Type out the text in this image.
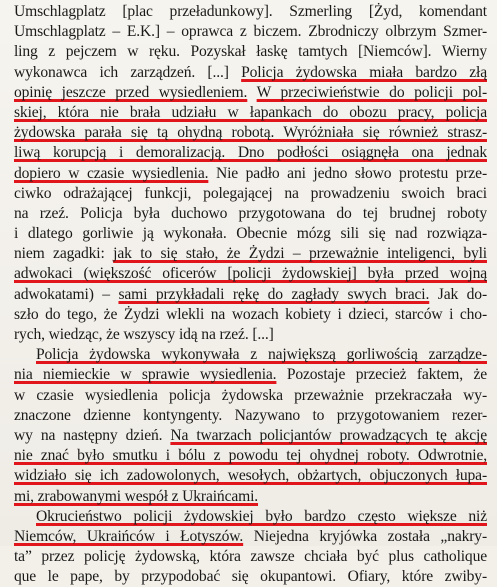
Umschlagplatz [plac przeładunkowy]. Szmerling [Żyd, komendant
Umschlagplatz – E.K.] – oprawca z biczem. Zbrodniczy olbrzym Szmer-
ling z pejczem w ręku. Pozyskał łaskę tamtych [Niemców]. Wierny
wykonawca ich zarządzeń. [...] Policja żydowska miała bardzo złą
opinię jeszcze przed wysiedleniem. W przeciwieństwie do policji pol-
skiej, która nie brała udziału w łapankach do obozu pracy, policja
żydowska parała się tą ohydną robotą. Wyróżniała się również strasz-
liwą korupcją i demoralizacją. Dno podłości osiągnęła ona jednak
dopiero w czasie wysiedlenia. Nie padło ani jedno słowo protestu prze-
ciwko odrażającej funkcji, polegającej na prowadzeniu swoich braci
na rzeź. Policja była duchowo przygotowana do tej brudnej roboty
i dlatego gorliwie ją wykonała. Obecnie mózg sili się nad rozwiąza-
niem zagadki: jak to się stało, że Żydzi – przeważnie inteligenci, byli
adwokaci (większość oficerów [policji żydowskiej] była przed wojną
adwokatami) – sami przykładali rękę do zagłady swych braci. Jak do-
szło do tego, że Żydzi wlekli na wozach kobiety i dzieci, starców i cho-
rych, wiedząc, że wszyscy idą na rzeź. [...]
Policja żydowska wykonywała z największą gorliwością zarządze-
nia niemieckie w sprawie wysiedlenia. Pozostaje przecież faktem, że
w czasie wysiedlenia policja żydowska przeważnie przekraczała wy-
znaczone dzienne kontyngenty. Nazywano to przygotowaniem rezer-
wy na następny dzień. Na twarzach policjantów prowadzących tę akcję
nie znać było smutku i bólu z powodu tej ohydnej roboty. Odwrotnie,
widziało się ich zadowolonych, wesołych, obżartych, objuczonych łupa-
mi, zrabowanymi wespół z Ukraińcami.
Okrucieństwo policji żydowskiej było bardzo często większe niż
Niemców, Ukraińców i Łotyszów. Niejedna kryjówka została „nakry-
ta” przez policję żydowską, która zawsze chciała być plus catholique
que le pape, by przypodobać się okupantowi. Ofiary, które zwiby-
